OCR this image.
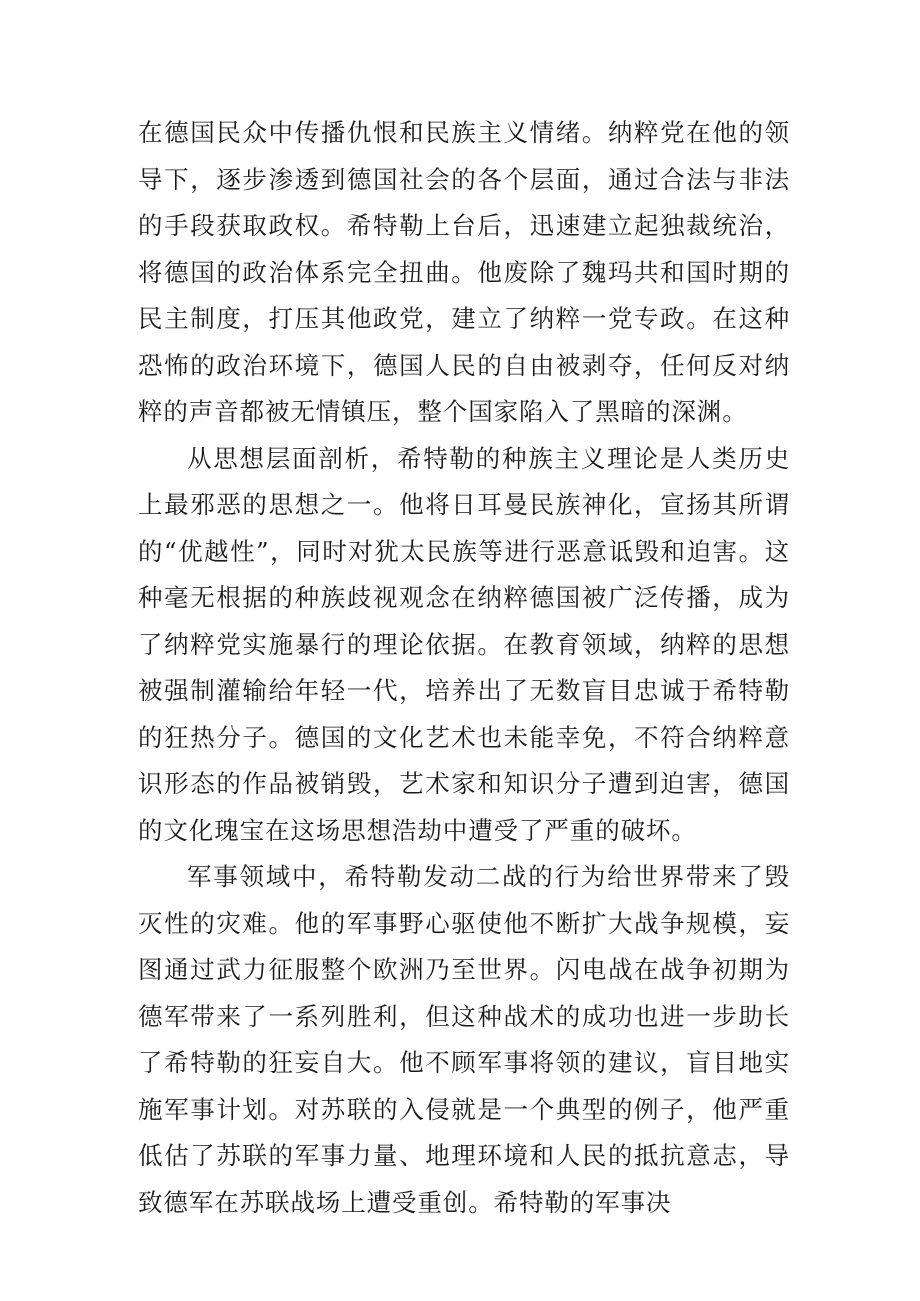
在德国民众中传播仇恨和民族主义情绪。纳粹党在他的领导下，逐步渗透到德国社会的各个层面，通过合法与非法的手段获取政权。希特勒上台后，迅速建立起独裁统治，将德国的政治体系完全扭曲。他废除了魏玛共和国时期的民主制度，打压其他政党，建立了纳粹一党专政。在这种恐怖的政治环境下，德国人民的自由被剥夺，任何反对纳粹的声音都被无情镇压，整个国家陷入了黑暗的深渊。

从思想层面剖析，希特勒的种族主义理论是人类历史上最邪恶的思想之一。他将日耳曼民族神化，宣扬其所谓的“优越性”，同时对犹太民族等进行恶意诋毁和迫害。这种毫无根据的种族歧视观念在纳粹德国被广泛传播，成为了纳粹党实施暴行的理论依据。在教育领域，纳粹的思想被强制灌输给年轻一代，培养出了无数盲目忠诚于希特勒的狂热分子。德国的文化艺术也未能幸免，不符合纳粹意识形态的作品被销毁，艺术家和知识分子遭到迫害，德国的文化瑰宝在这场思想浩劫中遭受了严重的破坏。

军事领域中，希特勒发动二战的行为给世界带来了毁灭性的灾难。他的军事野心驱使他不断扩大战争规模，妄图通过武力征服整个欧洲乃至世界。闪电战在战争初期为德军带来了一系列胜利，但这种战术的成功也进一步助长了希特勒的狂妄自大。他不顾军事将领的建议，盲目地实施军事计划。对苏联的入侵就是一个典型的例子，他严重低估了苏联的军事力量、地理环境和人民的抵抗意志，导致德军在苏联战场上遭受重创。希特勒的军事决
